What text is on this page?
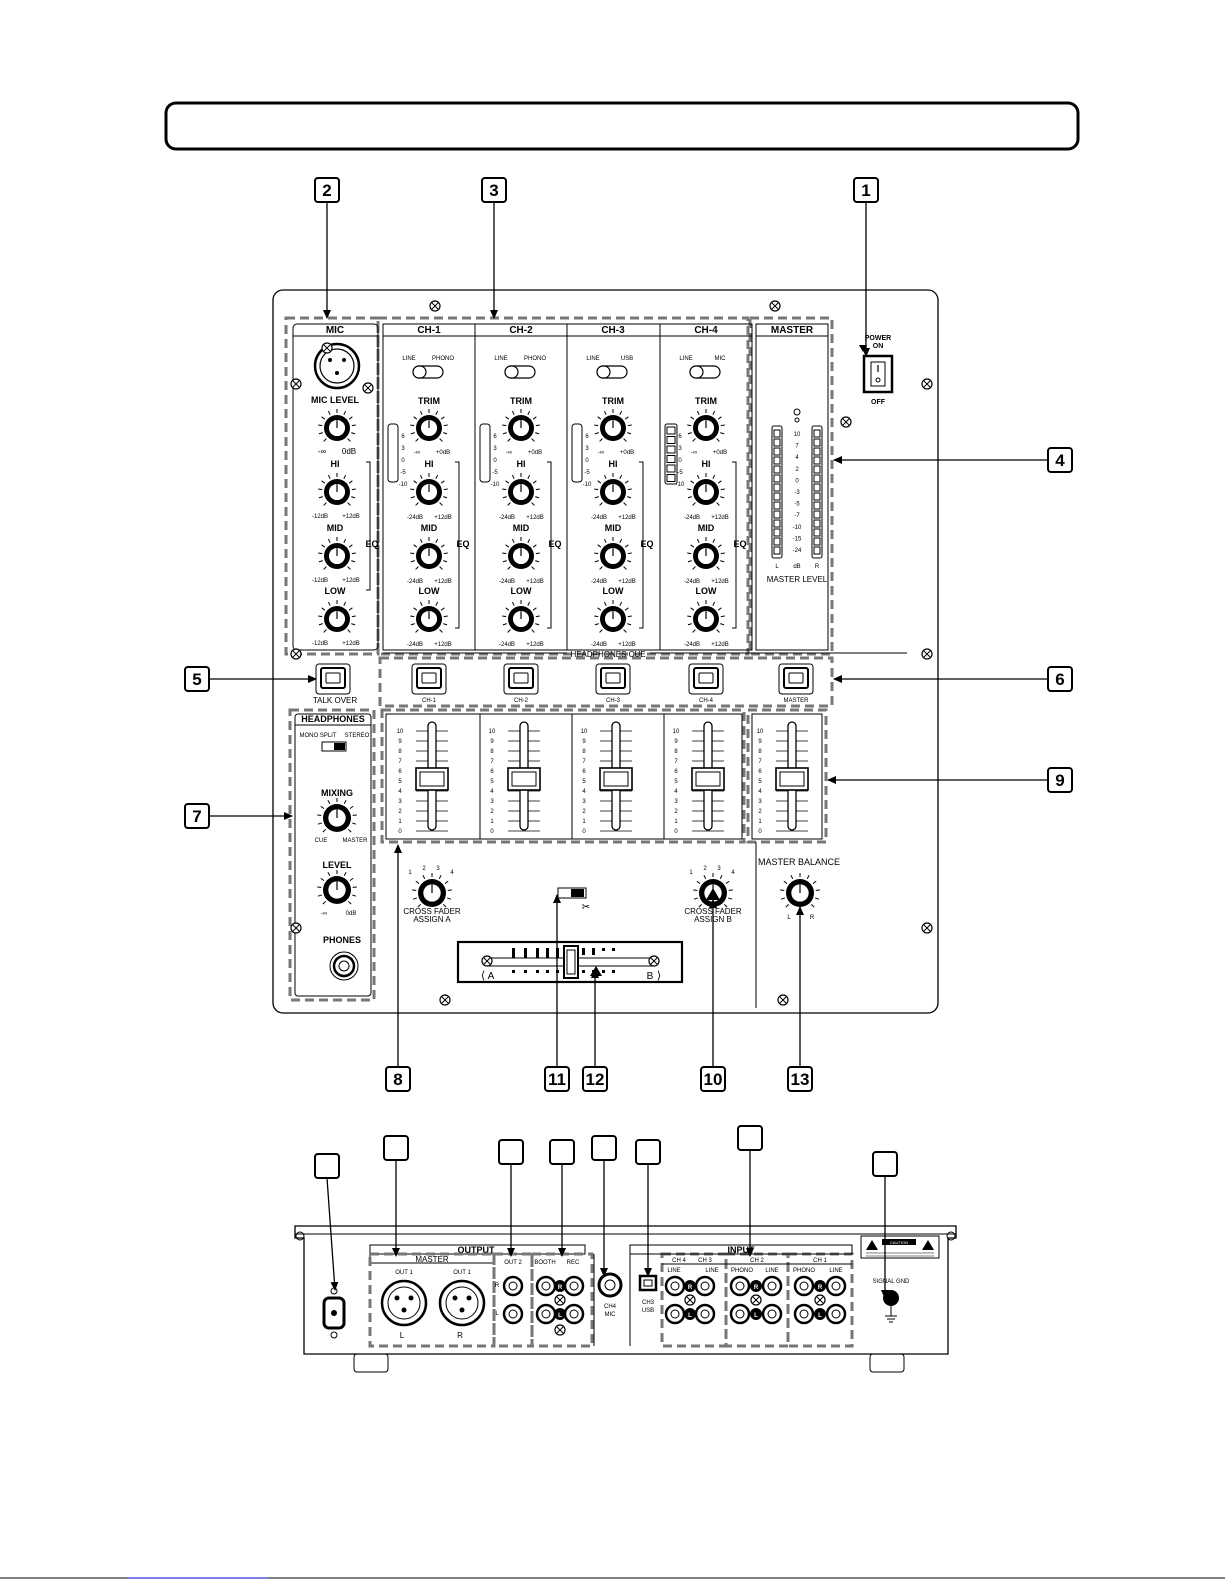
MIC	CH-1	CH-2	CH-3	CH-4	MASTER
MIC LEVEL
-∞ 0dB
HI
-12dB +12dB
MID
-12dB +12dB
LOW
-12dB +12dB
EQ
LINE	PHONO
TRIM
-∞	+0dB
HI
-24dB +12dB
MID
-24dB +12dB
LOW
-24dB +12dB
EQ
6
3
0
-5
-10
LINE	PHONO
TRIM
-∞	+0dB
HI
-24dB +12dB
MID
-24dB +12dB
LOW
-24dB +12dB
EQ
6
3
0
-5
-10
LINE	USB
TRIM
-∞	+0dB
HI
-24dB +12dB
MID
-24dB +12dB
LOW
-24dB +12dB
EQ
6
3
0
-5
-10
LINE	MIC
TRIM
-∞	+0dB
HI
-24dB +12dB
MID
-24dB +12dB
LOW
-24dB +12dB
EQ
6
3
0
-5
-10
1	1
2	2
3	3
4	4
10
7
4
2
0
-3
-5
-7
-10
-15
-24
L dB R
MASTER LEVEL
POWER
ON
OFF
HEADPHONES CUE
CH-1	CH-2	CH-3	CH-4	MASTER
TALK OVER
HEADPHONES
MONO SPLIT STEREO
MIXING
CUE	MASTER
LEVEL
-∞	0dB
PHONES
10
9
8
7
6
5
4
3
2
1
0
10
9
8
7
6
5
4
3
2
1
0
10
9
8
7
6
5
4
3
2
1
0
10
9
8
7
6
5
4
3
2
1
0
10
9
8
7
6
5
4
3
2
1
0
CROSS FADER
ASSIGN A
CROSS FADER
ASSIGN B
✂
A	B
⟨	⟩
MASTER BALANCE
L	R
1
2	3
4
5	6
7
8
9
10
11 12	13
OUTPUT
MASTER
OUT 1	OUT 1
L	R
OUT 2
R
L
BOOTH REC
CH4
MIC
CH3
USB
INPUT
CH 4 CH 3	CH 2	CH 1
LINE	LINE PHONO LINE PHONO LINE
R
L
R
L
R
L
R
L
CAUTION
SIGNAL GND
